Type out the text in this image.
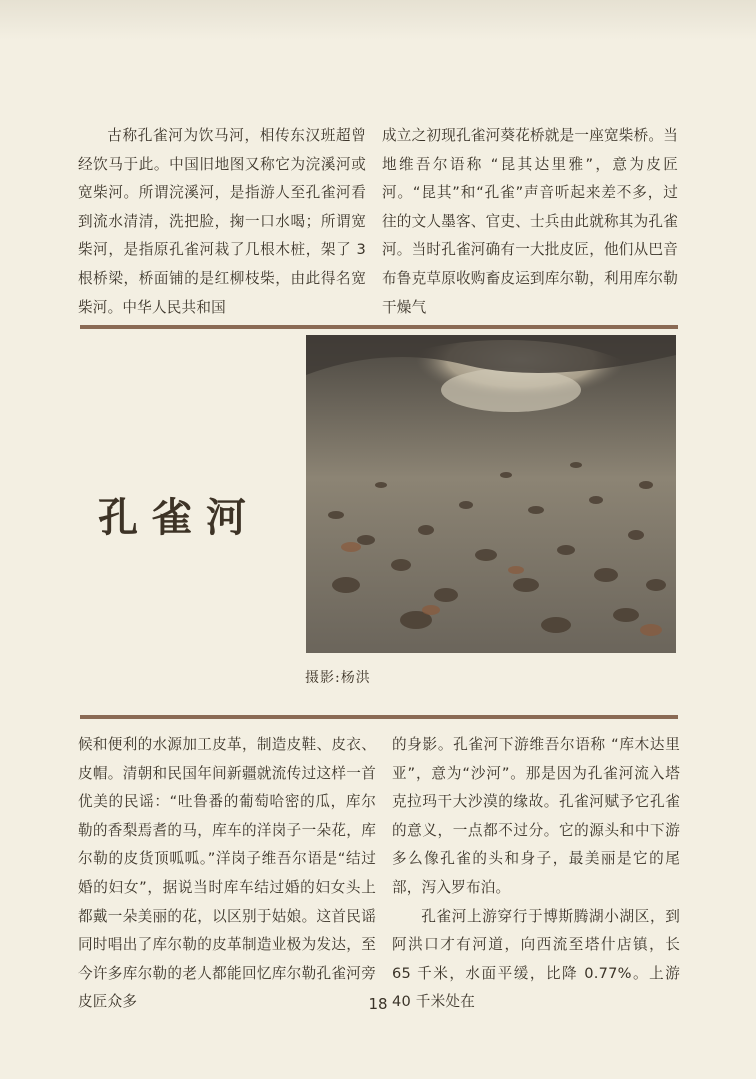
古称孔雀河为饮马河，相传东汉班超曾经饮马于此。中国旧地图又称它为浣溪河或宽柴河。所谓浣溪河，是指游人至孔雀河看到流水清清，洗把脸，掬一口水喝；所谓宽柴河，是指原孔雀河栽了几根木桩，架了 3 根桥梁，桥面铺的是红柳枝柴，由此得名宽柴河。中华人民共和国

成立之初现孔雀河葵花桥就是一座宽柴桥。当地维吾尔语称 “昆其达里雅”，意为皮匠河。“昆其”和“孔雀”声音听起来差不多，过往的文人墨客、官吏、士兵由此就称其为孔雀河。当时孔雀河确有一大批皮匠，他们从巴音布鲁克草原收购畜皮运到库尔勒，利用库尔勒干燥气

孔雀河
摄影:杨洪

候和便利的水源加工皮革，制造皮鞋、皮衣、皮帽。清朝和民国年间新疆就流传过这样一首优美的民谣：“吐鲁番的葡萄哈密的瓜，库尔勒的香梨焉耆的马，库车的洋岗子一朵花，库尔勒的皮货顶呱呱。”洋岗子维吾尔语是“结过婚的妇女”，据说当时库车结过婚的妇女头上都戴一朵美丽的花，以区别于姑娘。这首民谣同时唱出了库尔勒的皮革制造业极为发达，至今许多库尔勒的老人都能回忆库尔勒孔雀河旁皮匠众多

的身影。孔雀河下游维吾尔语称 “库木达里亚”，意为“沙河”。那是因为孔雀河流入塔克拉玛干大沙漠的缘故。孔雀河赋予它孔雀的意义，一点都不过分。它的源头和中下游多么像孔雀的头和身子，最美丽是它的尾部，泻入罗布泊。

孔雀河上游穿行于博斯腾湖小湖区，到阿洪口才有河道，向西流至塔什店镇，长 65 千米，水面平缓，比降 0.77%。上游 40 千米处在

18
